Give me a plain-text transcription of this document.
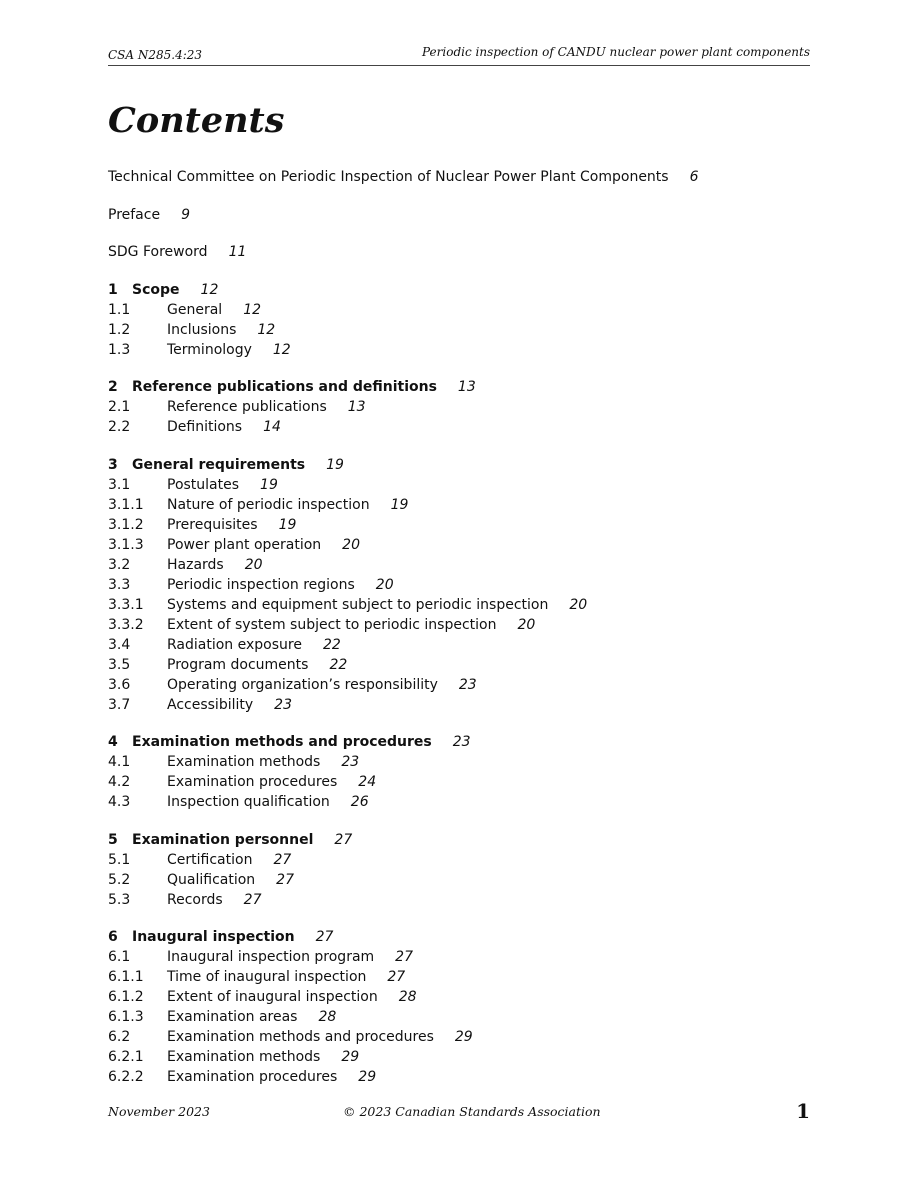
CSA N285.4:23	Periodic inspection of CANDU nuclear power plant components
Contents
Technical Committee on Periodic Inspection of Nuclear Power Plant Components 6
Preface 9
SDG Foreword 11
1	Scope 12
1.1	General 12
1.2	Inclusions 12
1.3	Terminology 12
2	Reference publications and definitions 13
2.1	Reference publications 13
2.2	Definitions 14
3	General requirements 19
3.1	Postulates 19
3.1.1	Nature of periodic inspection 19
3.1.2	Prerequisites 19
3.1.3	Power plant operation 20
3.2	Hazards 20
3.3	Periodic inspection regions 20
3.3.1	Systems and equipment subject to periodic inspection 20
3.3.2	Extent of system subject to periodic inspection 20
3.4	Radiation exposure 22
3.5	Program documents 22
3.6	Operating organization’s responsibility 23
3.7	Accessibility 23
4	Examination methods and procedures 23
4.1	Examination methods 23
4.2	Examination procedures 24
4.3	Inspection qualification 26
5	Examination personnel 27
5.1	Certification 27
5.2	Qualification 27
5.3	Records 27
6	Inaugural inspection 27
6.1	Inaugural inspection program 27
6.1.1	Time of inaugural inspection 27
6.1.2	Extent of inaugural inspection 28
6.1.3	Examination areas 28
6.2	Examination methods and procedures 29
6.2.1	Examination methods 29
6.2.2	Examination procedures 29
November 2023	© 2023 Canadian Standards Association	1
